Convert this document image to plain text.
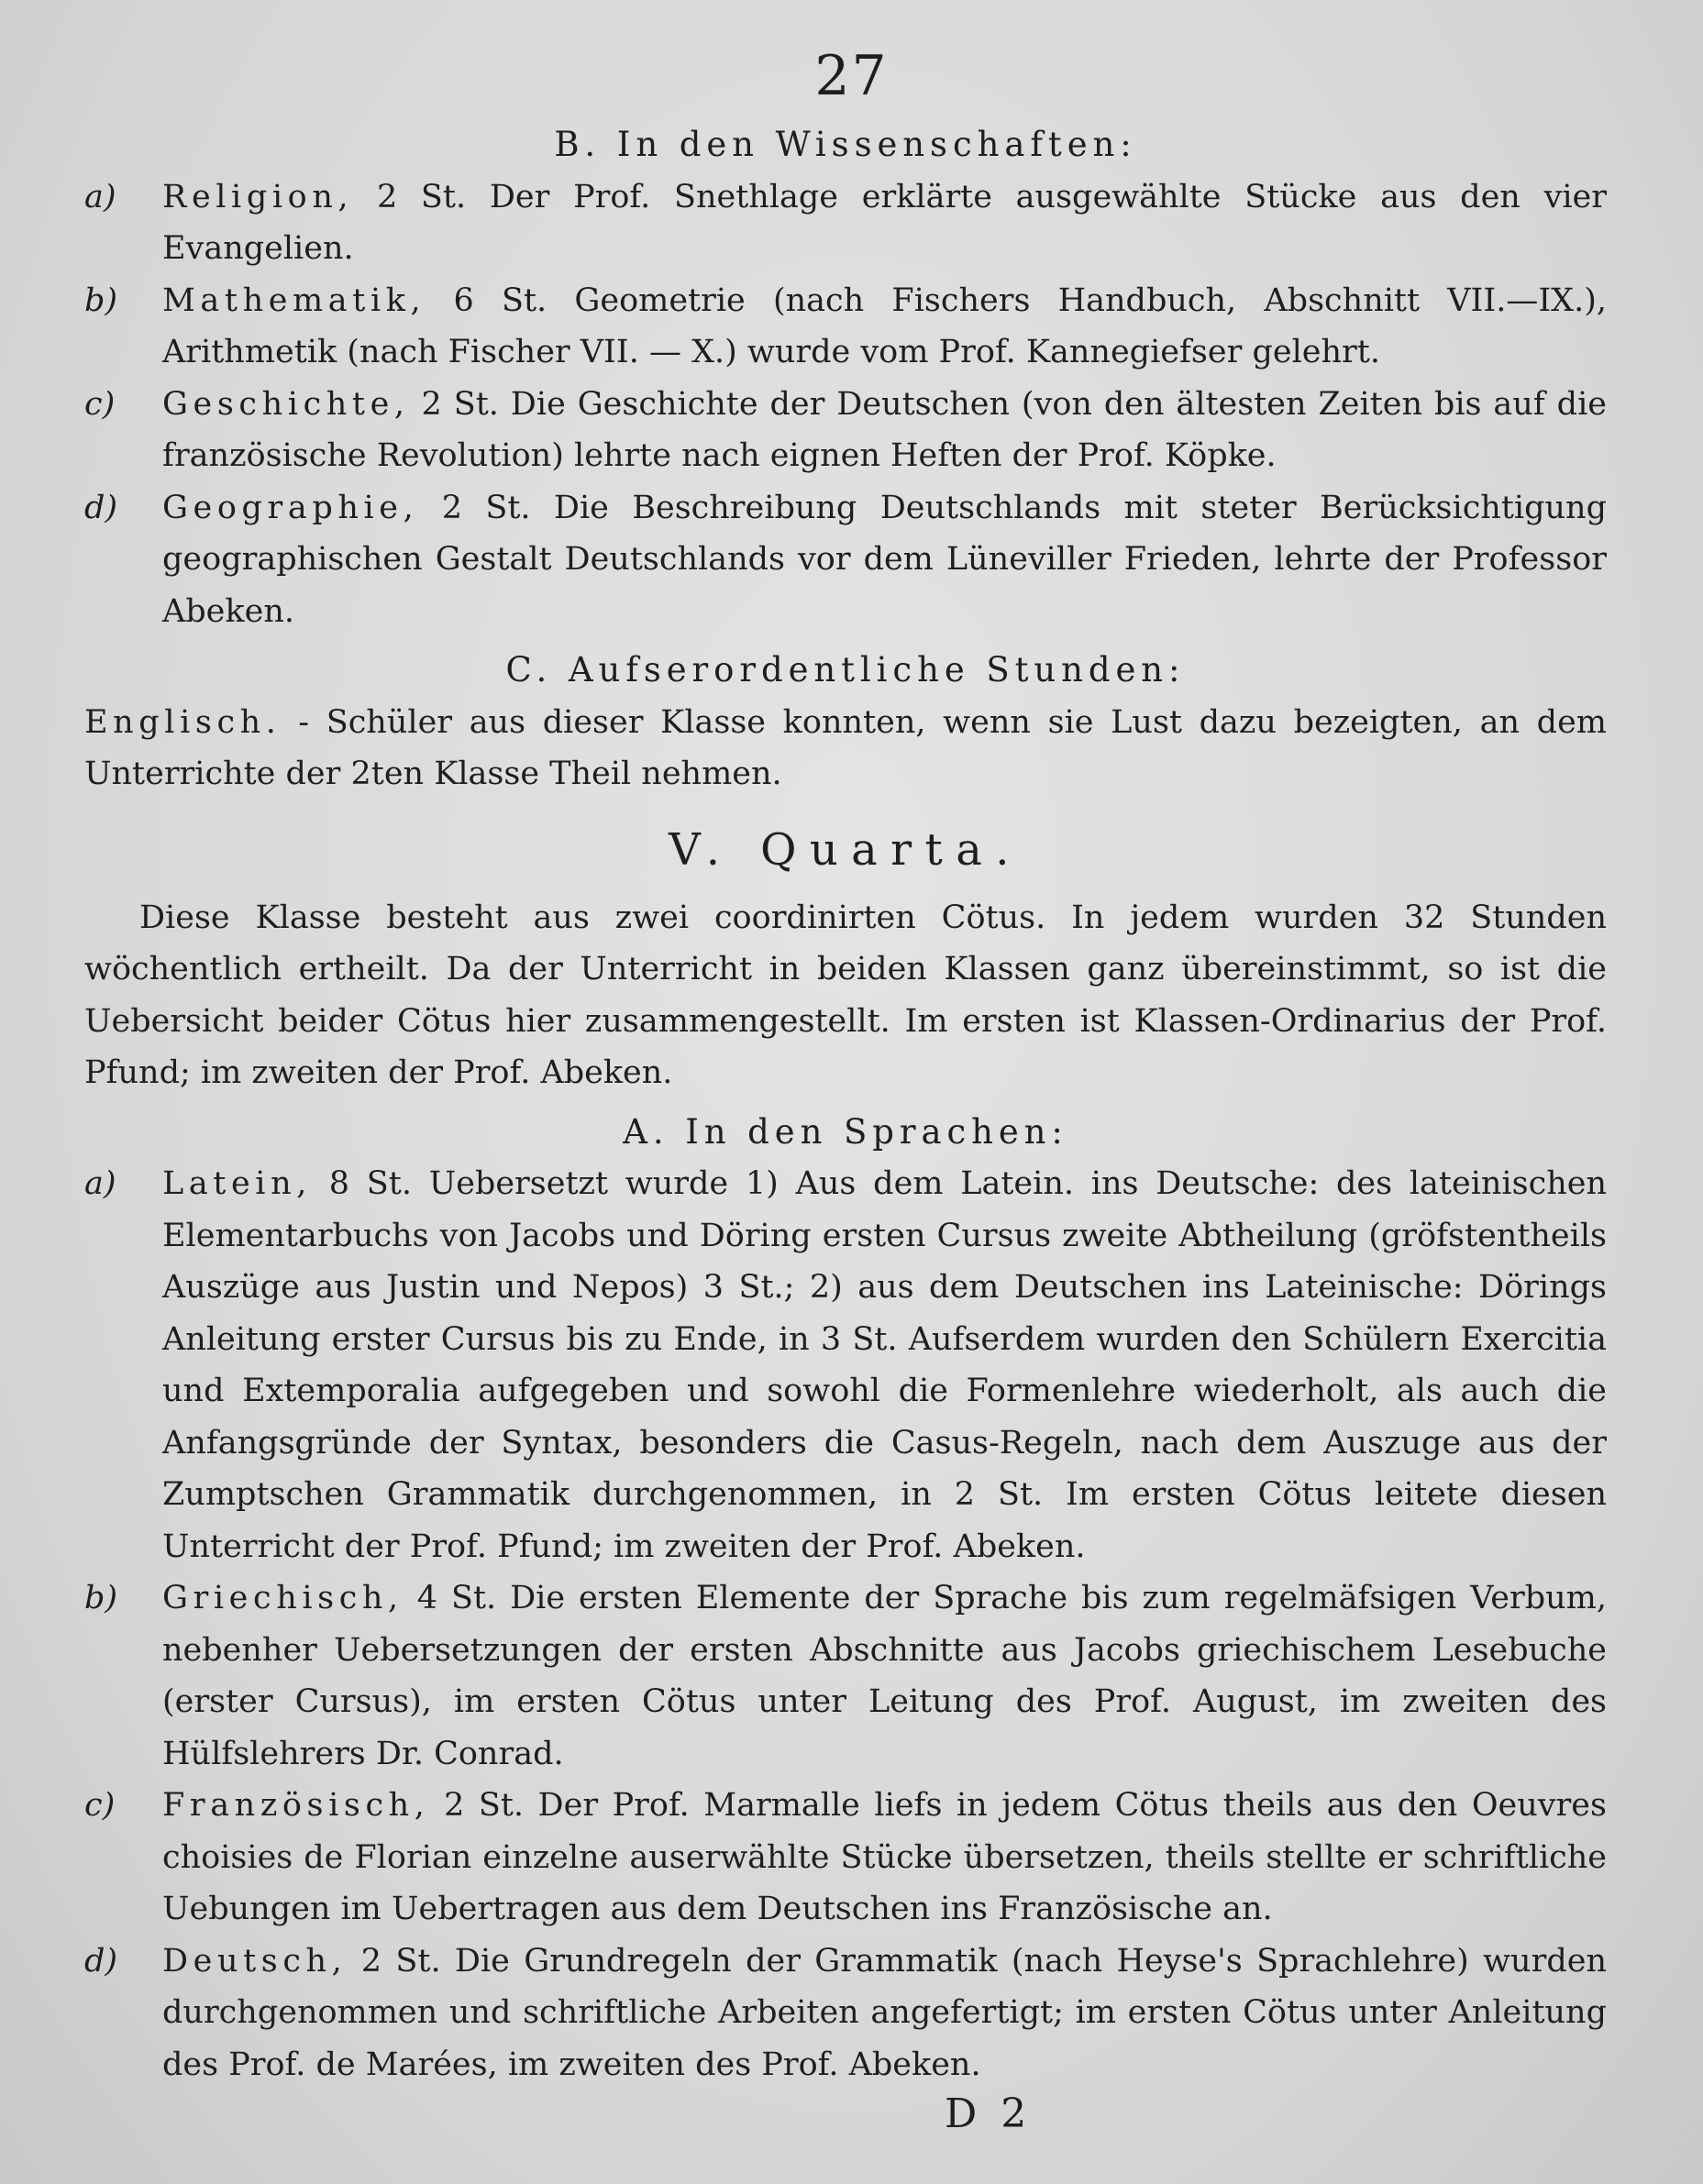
27
B. In den Wissenschaften:
a) Religion, 2 St. Der Prof. Snethlage erklärte ausgewählte Stücke aus den vier Evangelien.
b) Mathematik, 6 St. Geometrie (nach Fischers Handbuch, Abschnitt VII.—IX.), Arithmetik (nach Fischer VII. — X.) wurde vom Prof. Kannegiefser gelehrt.
c) Geschichte, 2 St. Die Geschichte der Deutschen (von den ältesten Zeiten bis auf die französische Revolution) lehrte nach eignen Heften der Prof. Köpke.
d) Geographie, 2 St. Die Beschreibung Deutschlands mit steter Berücksichtigung geographischen Gestalt Deutschlands vor dem Lüneviller Frieden, lehrte der Professor Abeken.
C. Aufserordentliche Stunden:
Englisch. - Schüler aus dieser Klasse konnten, wenn sie Lust dazu bezeigten, an dem Unterrichte der 2ten Klasse Theil nehmen.
V. Quarta.
Diese Klasse besteht aus zwei coordinirten Cötus. In jedem wurden 32 Stunden wöchentlich ertheilt. Da der Unterricht in beiden Klassen ganz übereinstimmt, so ist die Uebersicht beider Cötus hier zusammengestellt. Im ersten ist Klassen-Ordinarius der Prof. Pfund; im zweiten der Prof. Abeken.
A. In den Sprachen:
a) Latein, 8 St. Uebersetzt wurde 1) Aus dem Latein. ins Deutsche: des lateinischen Elementarbuchs von Jacobs und Döring ersten Cursus zweite Abtheilung (gröfstentheils Auszüge aus Justin und Nepos) 3 St.; 2) aus dem Deutschen ins Lateinische: Dörings Anleitung erster Cursus bis zu Ende, in 3 St. Aufserdem wurden den Schülern Exercitia und Extemporalia aufgegeben und sowohl die Formenlehre wiederholt, als auch die Anfangsgründe der Syntax, besonders die Casus-Regeln, nach dem Auszuge aus der Zumptschen Grammatik durchgenommen, in 2 St. Im ersten Cötus leitete diesen Unterricht der Prof. Pfund; im zweiten der Prof. Abeken.
b) Griechisch, 4 St. Die ersten Elemente der Sprache bis zum regelmäfsigen Verbum, nebenher Uebersetzungen der ersten Abschnitte aus Jacobs griechischem Lesebuche (erster Cursus), im ersten Cötus unter Leitung des Prof. August, im zweiten des Hülfslehrers Dr. Conrad.
c) Französisch, 2 St. Der Prof. Marmalle liefs in jedem Cötus theils aus den Oeuvres choisies de Florian einzelne auserwählte Stücke übersetzen, theils stellte er schriftliche Uebungen im Uebertragen aus dem Deutschen ins Französische an.
d) Deutsch, 2 St. Die Grundregeln der Grammatik (nach Heyse's Sprachlehre) wurden durchgenommen und schriftliche Arbeiten angefertigt; im ersten Cötus unter Anleitung des Prof. de Marées, im zweiten des Prof. Abeken.
D 2
